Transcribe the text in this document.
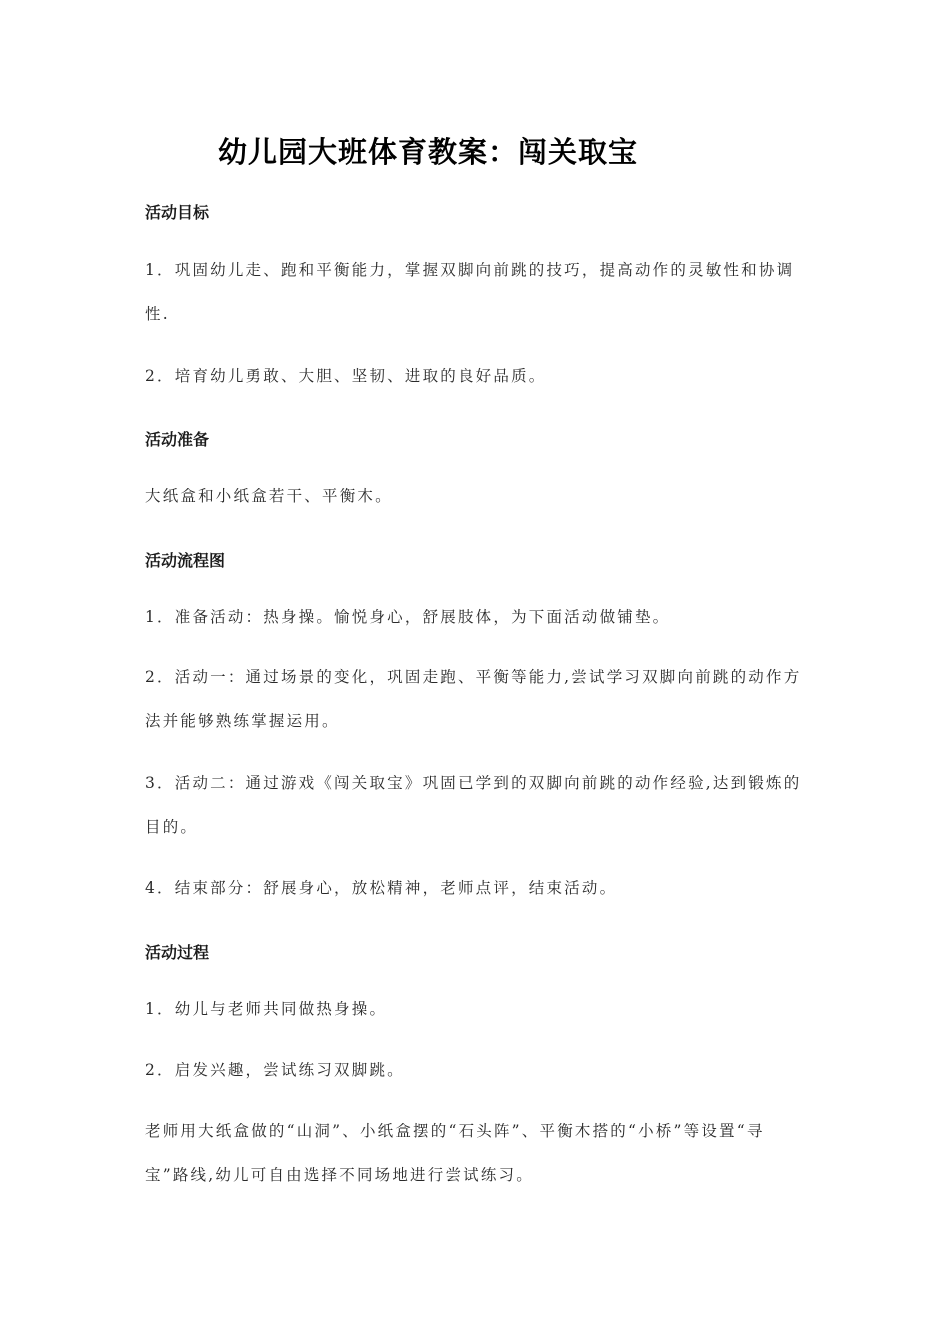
幼儿园大班体育教案：闯关取宝
活动目标

1．巩固幼儿走、跑和平衡能力，掌握双脚向前跳的技巧，提高动作的灵敏性和协调性.

2．培育幼儿勇敢、大胆、坚韧、进取的良好品质。

活动准备

大纸盒和小纸盒若干、平衡木。

活动流程图

1．准备活动：热身操。愉悦身心，舒展肢体，为下面活动做铺垫。

2．活动一：通过场景的变化，巩固走跑、平衡等能力,尝试学习双脚向前跳的动作方法并能够熟练掌握运用。

3．活动二：通过游戏《闯关取宝》巩固已学到的双脚向前跳的动作经验,达到锻炼的目的。

4．结束部分：舒展身心，放松精神，老师点评，结束活动。

活动过程

1．幼儿与老师共同做热身操。

2．启发兴趣，尝试练习双脚跳。

老师用大纸盒做的“山洞”、小纸盒摆的“石头阵”、平衡木搭的“小桥”等设置“寻宝”路线,幼儿可自由选择不同场地进行尝试练习。
